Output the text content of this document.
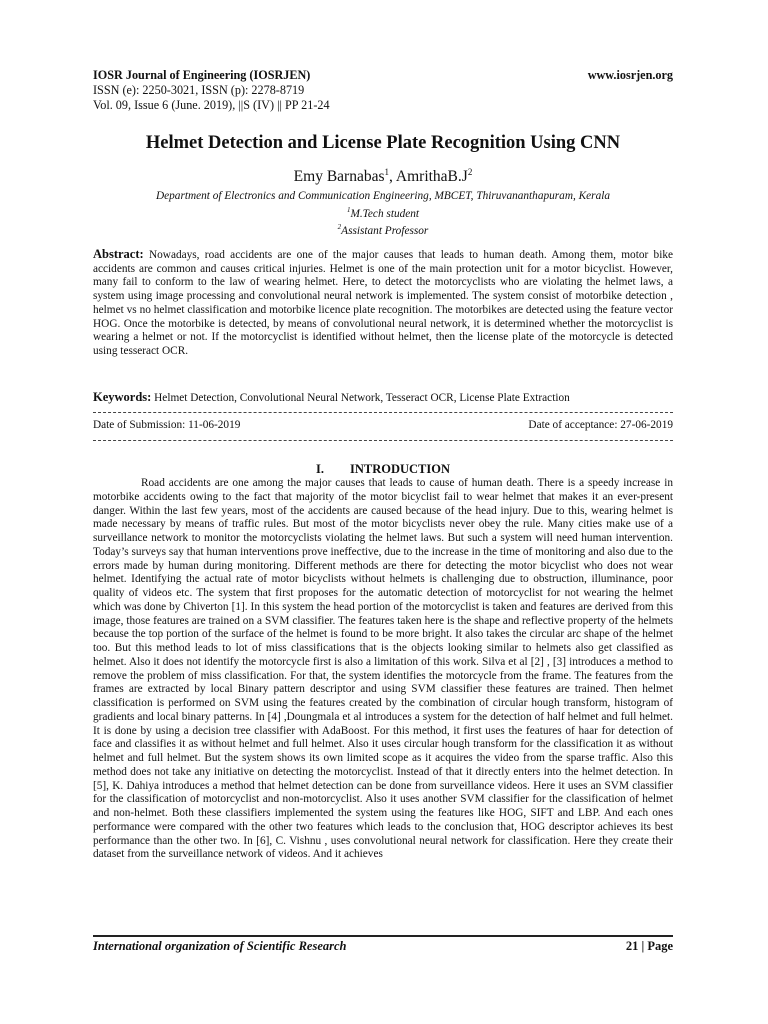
IOSR Journal of Engineering (IOSRJEN)
ISSN (e): 2250-3021, ISSN (p): 2278-8719
Vol. 09, Issue 6 (June. 2019), ||S (IV) || PP 21-24
www.iosrjen.org
Helmet Detection and License Plate Recognition Using CNN
Emy Barnabas$^1$, $AmrithaB.J^2$
Department of Electronics and Communication Engineering, MBCET, Thiruvananthapuram, Kerala
$^1$M.Tech student
$^2$Assistant Professor
Abstract: Nowadays, road accidents are one of the major causes that leads to human death. Among them, motor bike accidents are common and causes critical injuries. Helmet is one of the main protection unit for a motor bicyclist. However, many fail to conform to the law of wearing helmet. Here, to detect the motorcyclists who are violating the helmet laws, a system using image processing and convolutional neural network is implemented. The system consist of motorbike detection , helmet vs no helmet classification and motorbike licence plate recognition. The motorbikes are detected using the feature vector HOG. Once the motorbike is detected, by means of convolutional neural network, it is determined whether the motorcyclist is wearing a helmet or not. If the motorcyclist is identified without helmet, then the license plate of the motorcycle is detected using tesseract OCR.
Keywords: Helmet Detection, Convolutional Neural Network, Tesseract OCR, License Plate Extraction
Date of Submission: 11-06-2019	Date of acceptance: 27-06-2019
I. INTRODUCTION
Road accidents are one among the major causes that leads to cause of human death. There is a speedy increase in motorbike accidents owing to the fact that majority of the motor bicyclist fail to wear helmet that makes it an ever-present danger. Within the last few years, most of the accidents are caused because of the head injury. Due to this, wearing helmet is made necessary by means of traffic rules. But most of the motor bicyclists never obey the rule. Many cities make use of a surveillance network to monitor the motorcyclists violating the helmet laws. But such a system will need human intervention. Today’s surveys say that human interventions prove ineffective, due to the increase in the time of monitoring and also due to the errors made by human during monitoring. Different methods are there for detecting the motor bicyclist who does not wear helmet. Identifying the actual rate of motor bicyclists without helmets is challenging due to obstruction, illuminance, poor quality of videos etc. The system that first proposes for the automatic detection of motorcyclist for not wearing the helmet which was done by Chiverton [1]. In this system the head portion of the motorcyclist is taken and features are derived from this image, those features are trained on a SVM classifier. The features taken here is the shape and reflective property of the helmets because the top portion of the surface of the helmet is found to be more bright. It also takes the circular arc shape of the helmet too. But this method leads to lot of miss classifications that is the objects looking similar to helmets also get classified as helmet. Also it does not identify the motorcycle first is also a limitation of this work. Silva et al [2] , [3] introduces a method to remove the problem of miss classification. For that, the system identifies the motorcycle from the frame. The features from the frames are extracted by local Binary pattern descriptor and using SVM classifier these features are trained. Then helmet classification is performed on SVM using the features created by the combination of circular hough transform, histogram of gradients and local binary patterns. In [4] ,Doungmala et al introduces a system for the detection of half helmet and full helmet. It is done by using a decision tree classifier with AdaBoost. For this method, it first uses the features of haar for detection of face and classifies it as without helmet and full helmet. Also it uses circular hough transform for the classification it as without helmet and full helmet. But the system shows its own limited scope as it acquires the video from the sparse traffic. Also this method does not take any initiative on detecting the motorcyclist. Instead of that it directly enters into the helmet detection. In [5], K. Dahiya introduces a method that helmet detection can be done from surveillance videos. Here it uses an SVM classifier for the classification of motorcyclist and non-motorcyclist. Also it uses another SVM classifier for the classification of helmet and non-helmet. Both these classifiers implemented the system using the features like HOG, SIFT and LBP. And each ones performance were compared with the other two features which leads to the conclusion that, HOG descriptor achieves its best performance than the other two. In [6], C. Vishnu , uses convolutional neural network for classification. Here they create their dataset from the surveillance network of videos. And it achieves
International organization of Scientific Research	21 | Page
